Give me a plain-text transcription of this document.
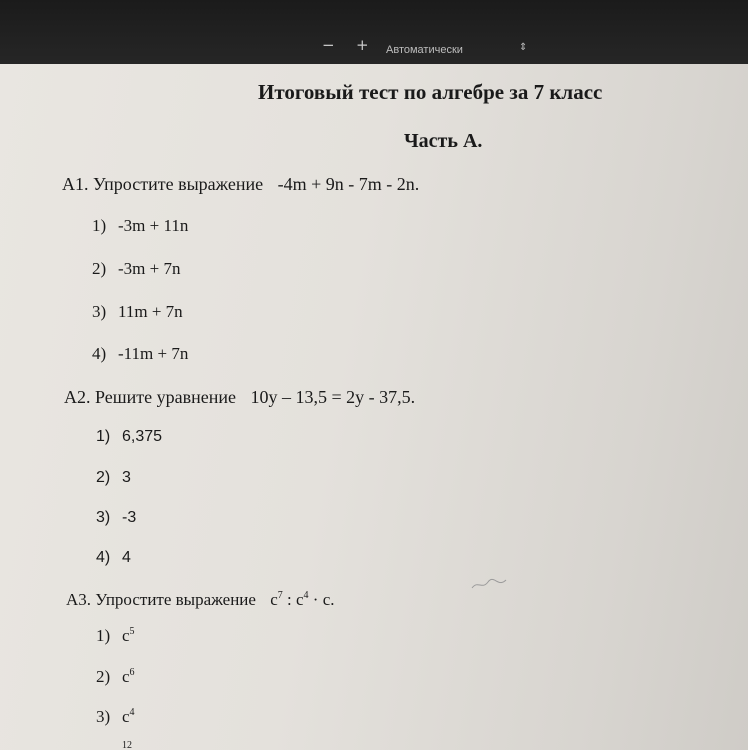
− + Автоматически	⇕
Итоговый тест по алгебре за 7 класс
Часть А.
А1. Упростите выражение -4m + 9n - 7m - 2n.
1) -3m + 11n
2) -3m + 7n
3) 11m + 7n
4) -11m + 7n
А2. Решите уравнение 10y – 13,5 = 2y - 37,5.
1) 6,375
2) 3
3) -3
4) 4
А3. Упростите выражение $c^7$ : $c^4 \cdot c$.
1) $c^5$
2) $c^6$
3) $c^4$
$^{12}$
